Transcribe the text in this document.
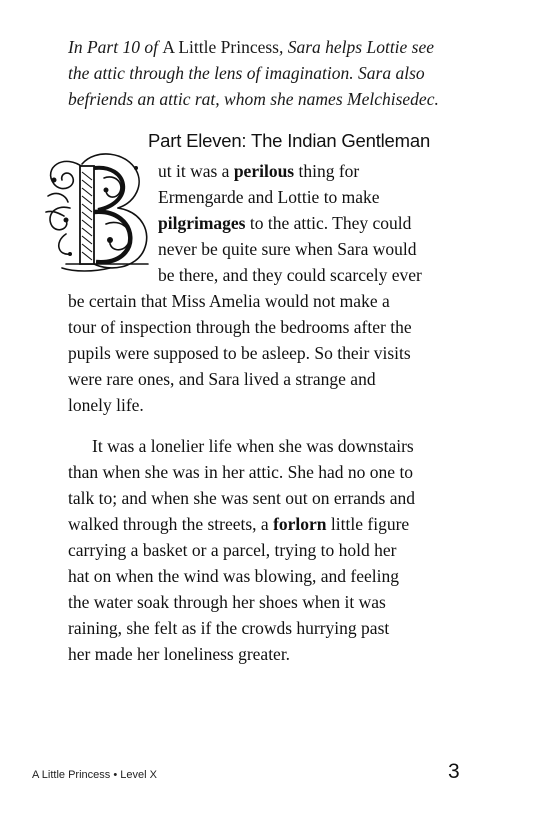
In Part 10 of A Little Princess, Sara helps Lottie see
the attic through the lens of imagination. Sara also
befriends an attic rat, whom she names Melchisedec.
Part Eleven: The Indian Gentleman
B

ut it was a perilous thing for
Ermengarde and Lottie to make
pilgrimages to the attic. They could
never be quite sure when Sara would
be there, and they could scarcely ever

be certain that Miss Amelia would not make a
tour of inspection through the bedrooms after the
pupils were supposed to be asleep. So their visits
were rare ones, and Sara lived a strange and
lonely life.

It was a lonelier life when she was downstairs
than when she was in her attic. She had no one to
talk to; and when she was sent out on errands and
walked through the streets, a forlorn little figure
carrying a basket or a parcel, trying to hold her
hat on when the wind was blowing, and feeling
the water soak through her shoes when it was
raining, she felt as if the crowds hurrying past
her made her loneliness greater.

A Little Princess • Level X	3
